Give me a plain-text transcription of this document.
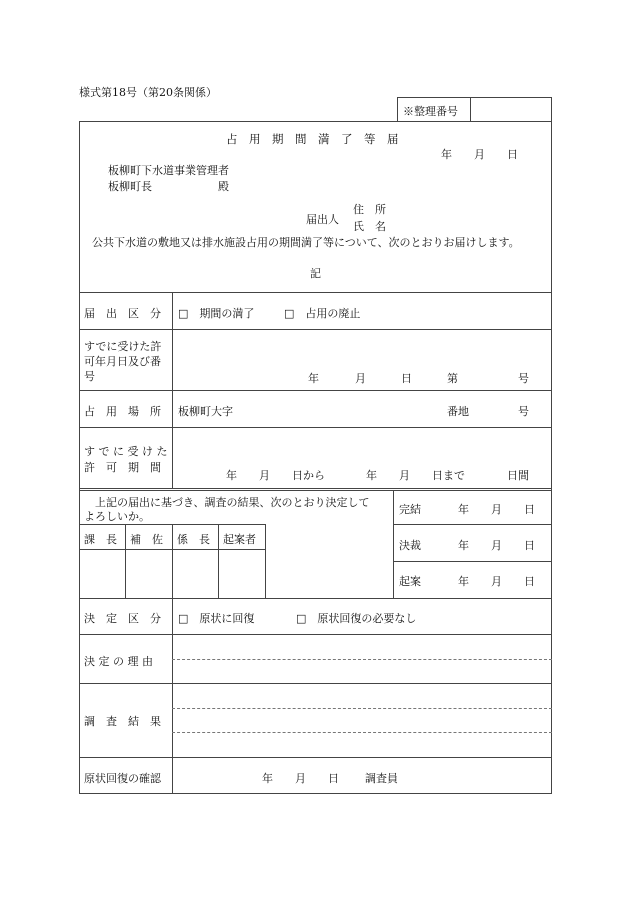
様式第18号（第20条関係）
※整理番号
占　用　期　間　満　了　等　届
年　　月　　日
板柳町下水道事業管理者
板柳町長　　　　　　殿
届出人
住　所
氏　名
公共下水道の敷地又は排水施設占用の期間満了等について、次のとおりお届けします。
記
届　出　区　分 □　期間の満了	□　占用の廃止
すでに受けた許
可年月日及び番
号	年	月	日	第	号
占　用　場　所 板柳町大字	番地	号
す で に 受 け た
許　可　期　間
年　　月　　日から	年　　月　　日まで	日間
上記の届出に基づき、調査の結果、次のとおり決定して
よろしいか。
課　長 補　佐 係　長 起案者
完結	年　　月　　日
決裁	年　　月　　日
起案	年　　月　　日
決　定　区　分 □　原状に回復	□　原状回復の必要なし
決 定 の 理 由
調　査　結　果
原状回復の確認	年　　月　　日 調査員
